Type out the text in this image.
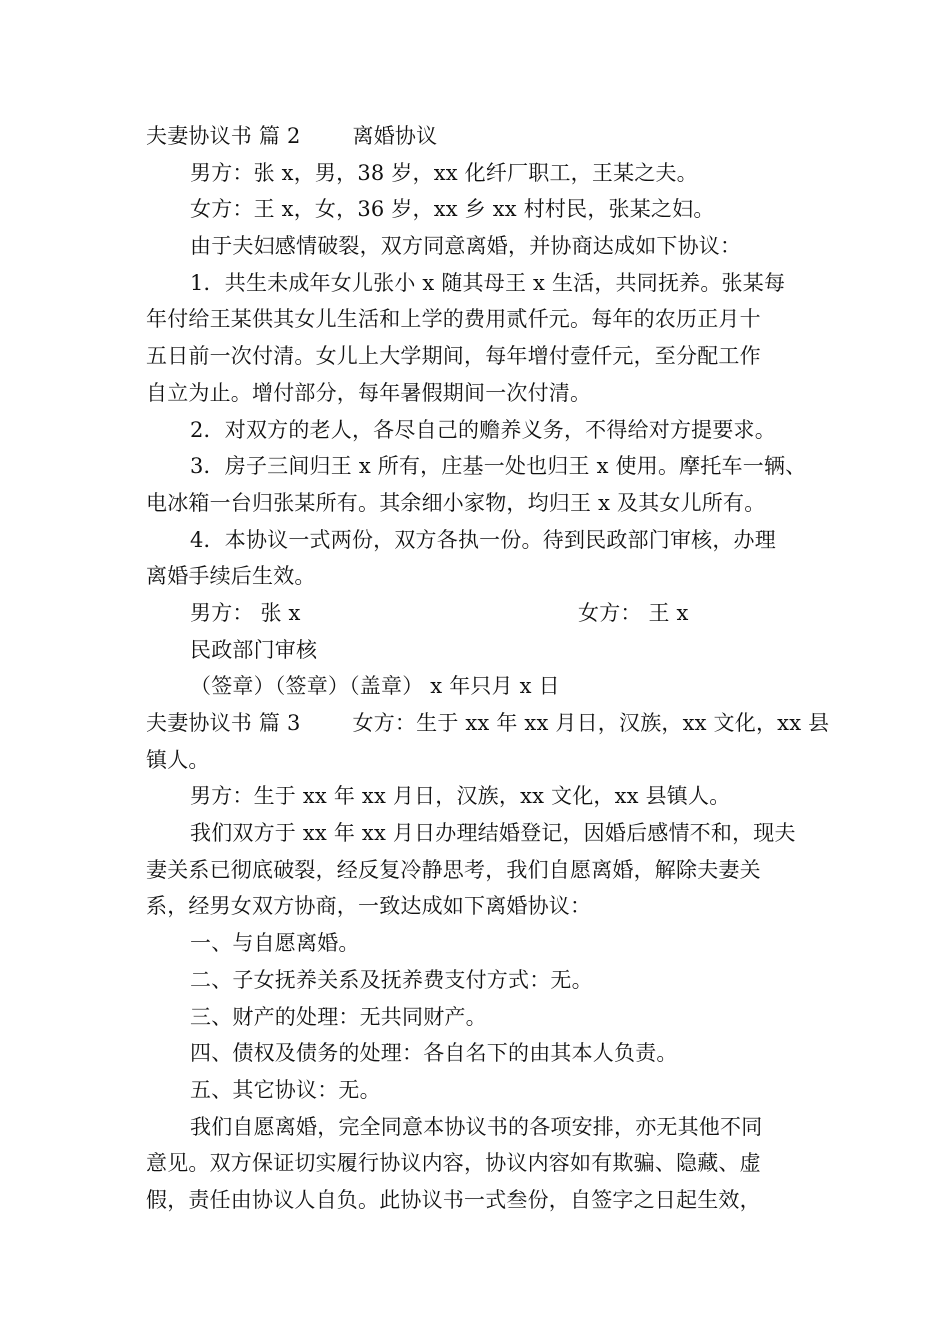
夫妻协议书 篇 2 离婚协议
男方：张 x，男，38 岁，xx 化纤厂职工，王某之夫。
女方：王 x，女，36 岁，xx 乡 xx 村村民，张某之妇。
由于夫妇感情破裂，双方同意离婚，并协商达成如下协议：
1．共生未成年女儿张小 x 随其母王 x 生活，共同抚养。张某每
年付给王某供其女儿生活和上学的费用贰仟元。每年的农历正月十
五日前一次付清。女儿上大学期间，每年增付壹仟元，至分配工作
自立为止。增付部分，每年暑假期间一次付清。
2．对双方的老人，各尽自己的赡养义务，不得给对方提要求。
3．房子三间归王 x 所有，庄基一处也归王 x 使用。摩托车一辆、
电冰箱一台归张某所有。其余细小家物，均归王 x 及其女儿所有。
4．本协议一式两份，双方各执一份。待到民政部门审核，办理
离婚手续后生效。
男方： 张 x	女方： 王 x
民政部门审核
（签章）（签章）（盖章） x 年只月 x 日
夫妻协议书 篇 3 女方：生于 xx 年 xx 月日，汉族，xx 文化，xx 县
镇人。
男方：生于 xx 年 xx 月日，汉族，xx 文化，xx 县镇人。
我们双方于 xx 年 xx 月日办理结婚登记，因婚后感情不和，现夫
妻关系已彻底破裂，经反复冷静思考，我们自愿离婚，解除夫妻关
系，经男女双方协商，一致达成如下离婚协议：
一、与自愿离婚。
二、子女抚养关系及抚养费支付方式：无。
三、财产的处理：无共同财产。
四、债权及债务的处理：各自名下的由其本人负责。
五、其它协议：无。
我们自愿离婚，完全同意本协议书的各项安排，亦无其他不同
意见。双方保证切实履行协议内容，协议内容如有欺骗、隐藏、虚
假，责任由协议人自负。此协议书一式叁份，自签字之日起生效，
